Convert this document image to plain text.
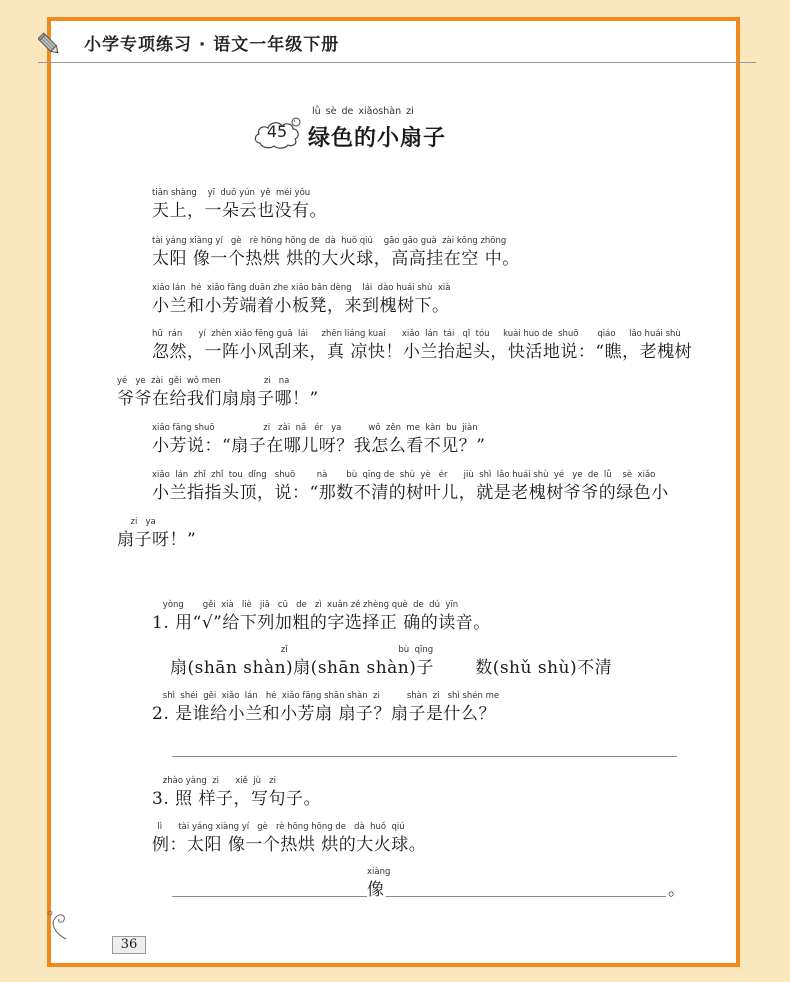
小学专项练习 · 语文一年级下册
45
lǜ sè de xiǎoshàn zi
绿色的小扇子
tiān shàng    yī  duǒ yún  yě  méi yǒu
天上，一朵云也没有。
tài yáng xiàng yí   gè   rè hōng hōng de  dà  huǒ qiú    gāo gāo guà  zài kōng zhōng
太阳 像一个热烘 烘的大火球，高高挂在空 中。
xiǎo lán  hé  xiǎo fāng duān zhe xiǎo bǎn dèng    lái  dào huái shù  xià
小兰和小芳端着小板凳，来到槐树下。
hū  rán      yí  zhèn xiǎo fēng guā  lái     zhēn liáng kuai      xiǎo  lán  tái   qǐ  tóu     kuài huo de  shuō       qiáo     lǎo huái shù
忽然，一阵小风刮来，真 凉快！小兰抬起头，快活地说：“瞧，老槐树
yé   ye  zài  gěi  wǒ men                zi   na
爷爷在给我们扇扇子哪！”
xiǎo fāng shuō                  zi   zài  nǎ   ér   ya          wǒ  zěn  me  kàn  bu  jiàn
小芳说：“扇子在哪儿呀？我怎么看不见？”
xiǎo  lán  zhǐ  zhǐ  tou  dǐng   shuō        nà       bù  qīng de  shù  yè   ér      jiù  shì  lǎo huái shù  yé   ye  de  lǜ    sè  xiǎo
小兰指指头顶，说：“那数不清的树叶儿，就是老槐树爷爷的绿色小
zi   ya
扇子呀！”
yòng       gěi  xià   liè   jiā   cū   de   zì  xuǎn zé zhèng què  de  dú  yīn
1. 用“√”给下列加粗的字选择正 确的读音。
zǐ                                         bù  qīng
扇(shān shàn)扇(shān shàn)子       数(shǔ shù)不清
shì  shéi  gěi  xiǎo  lán   hé  xiǎo fāng shān shàn  zi          shàn  zi   shì shén me
2. 是谁给小兰和小芳扇 扇子？扇子是什么？
zhào yàng  zi      xiě  jù   zi
3. 照 样子，写句子。
lì      tài yáng xiàng yí   gè   rè hōng hōng de   dà  huǒ  qiú
例：太阳 像一个热烘 烘的大火球。
xiàng
像	。
36
